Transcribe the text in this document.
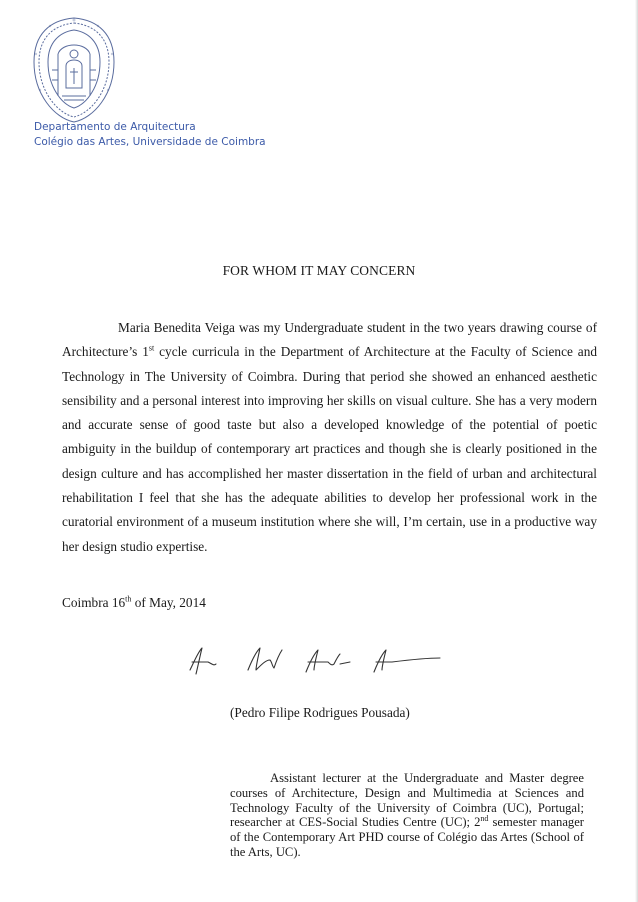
Departamento de Arquitectura
Colégio das Artes, Universidade de Coimbra
FOR WHOM IT MAY CONCERN

Maria Benedita Veiga was my Undergraduate student in the two years drawing course of Architecture’s 1st cycle curricula in the Department of Architecture at the Faculty of Science and Technology in The University of Coimbra. During that period she showed an enhanced aesthetic sensibility and a personal interest into improving her skills on visual culture. She has a very modern and accurate sense of good taste but also a developed knowledge of the potential of poetic ambiguity in the buildup of contemporary art practices and though she is clearly positioned in the design culture and has accomplished her master dissertation in the field of urban and architectural rehabilitation I feel that she has the adequate abilities to develop her professional work in the curatorial environment of a museum institution where she will, I’m certain, use in a productive way her design studio expertise.

Coimbra 16th of May, 2014
(Pedro Filipe Rodrigues Pousada)

Assistant lecturer at the Undergraduate and Master degree courses of Architecture, Design and Multimedia at Sciences and Technology Faculty of the University of Coimbra (UC), Portugal; researcher at CES-Social Studies Centre (UC); 2nd semester manager of the Contemporary Art PHD course of Colégio das Artes (School of the Arts, UC).
